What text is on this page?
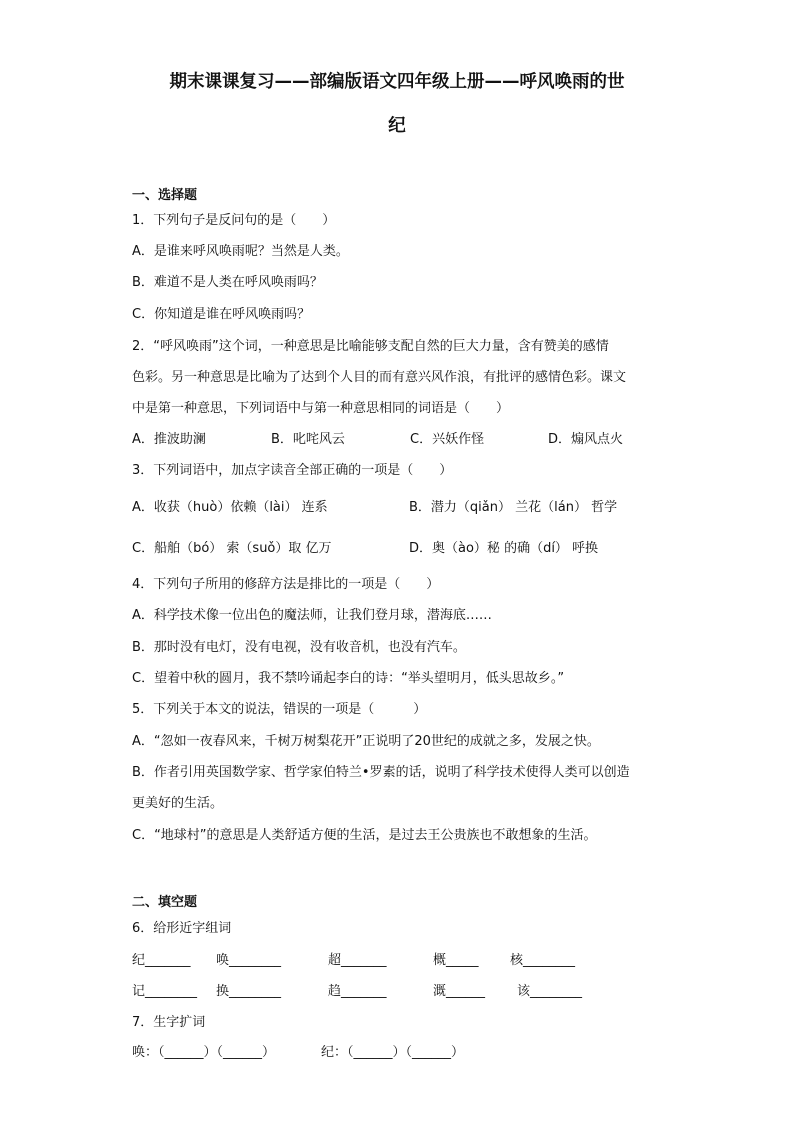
期末课课复习——部编版语文四年级上册——呼风唤雨的世
纪
一、选择题
1．下列句子是反问句的是（　　）
A．是谁来呼风唤雨呢？当然是人类。
B．难道不是人类在呼风唤雨吗？
C．你知道是谁在呼风唤雨吗？
2．“呼风唤雨”这个词，一种意思是比喻能够支配自然的巨大力量，含有赞美的感情
色彩。另一种意思是比喻为了达到个人目的而有意兴风作浪，有批评的感情色彩。课文
中是第一种意思，下列词语中与第一种意思相同的词语是（　　）
A．推波助澜	B．叱咤风云	C．兴妖作怪	D．煽风点火
3．下列词语中，加点字读音全部正确的一项是（　　）
A．收获（huò）依赖（lài） 连系	B．潜力（qiǎn） 兰花（lán） 哲学
C．船舶（bó） 索（suǒ）取 亿万	D．奥（ào）秘 的确（dí） 呼换
4．下列句子所用的修辞方法是排比的一项是（　　）
A．科学技术像一位出色的魔法师，让我们登月球，潜海底……
B．那时没有电灯，没有电视，没有收音机，也没有汽车。
C．望着中秋的圆月，我不禁吟诵起李白的诗：“举头望明月，低头思故乡。”
5．下列关于本文的说法，错误的一项是（　　　）
A．“忽如一夜春风来，千树万树梨花开”正说明了20世纪的成就之多，发展之快。
B．作者引用英国数学家、哲学家伯特兰•罗素的话，说明了科学技术使得人类可以创造
更美好的生活。
C．“地球村”的意思是人类舒适方便的生活，是过去王公贵族也不敢想象的生活。
二、填空题
6．给形近字组词
纪_______ 唤________	超_______	概_____ 核________
记________ 换________	趋_______	溉______ 该________
7．生字扩词
唤：（______）（______）	纪：（______）（______）
